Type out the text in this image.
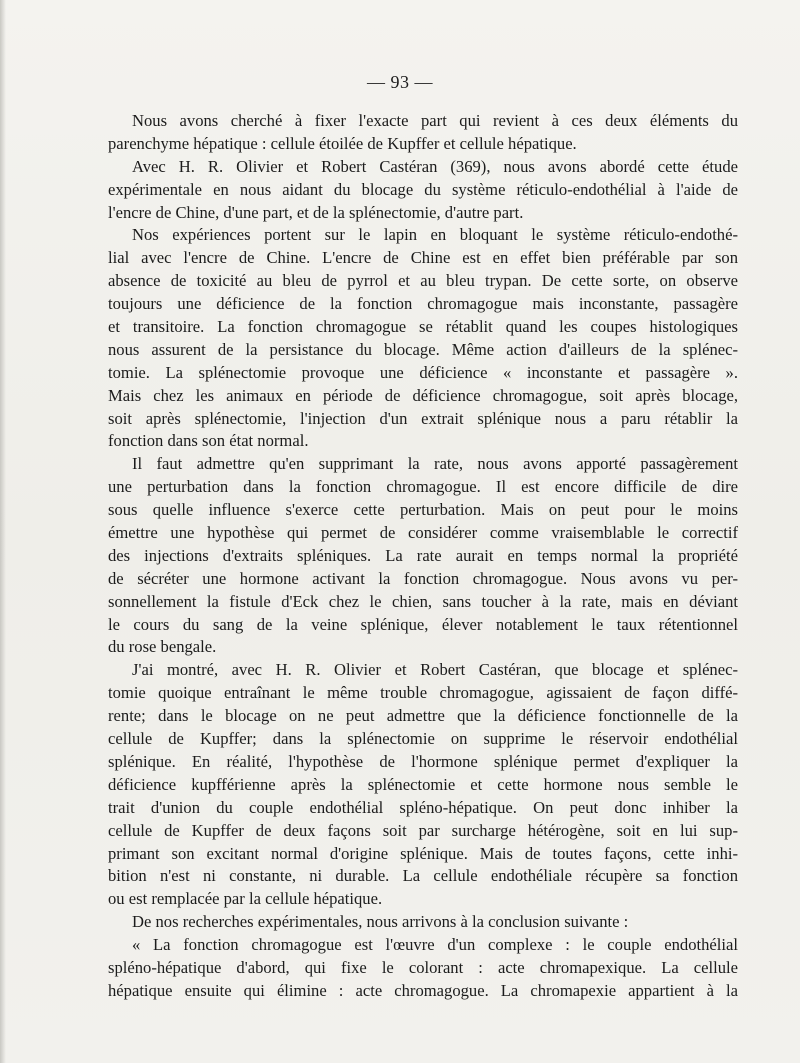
— 93 —
Nous avons cherché à fixer l'exacte part qui revient à ces deux éléments du
parenchyme hépatique : cellule étoilée de Kupffer et cellule hépatique.
Avec H. R. Olivier et Robert Castéran (369), nous avons abordé cette étude
expérimentale en nous aidant du blocage du système réticulo-endothélial à l'aide de
l'encre de Chine, d'une part, et de la splénectomie, d'autre part.
Nos expériences portent sur le lapin en bloquant le système réticulo-endothé-
lial avec l'encre de Chine. L'encre de Chine est en effet bien préférable par son
absence de toxicité au bleu de pyrrol et au bleu trypan. De cette sorte, on observe
toujours une déficience de la fonction chromagogue mais inconstante, passagère
et transitoire. La fonction chromagogue se rétablit quand les coupes histologiques
nous assurent de la persistance du blocage. Même action d'ailleurs de la splénec-
tomie. La splénectomie provoque une déficience « inconstante et passagère ».
Mais chez les animaux en période de déficience chromagogue, soit après blocage,
soit après splénectomie, l'injection d'un extrait splénique nous a paru rétablir la
fonction dans son état normal.
Il faut admettre qu'en supprimant la rate, nous avons apporté passagèrement
une perturbation dans la fonction chromagogue. Il est encore difficile de dire
sous quelle influence s'exerce cette perturbation. Mais on peut pour le moins
émettre une hypothèse qui permet de considérer comme vraisemblable le correctif
des injections d'extraits spléniques. La rate aurait en temps normal la propriété
de sécréter une hormone activant la fonction chromagogue. Nous avons vu per-
sonnellement la fistule d'Eck chez le chien, sans toucher à la rate, mais en déviant
le cours du sang de la veine splénique, élever notablement le taux rétentionnel
du rose bengale.
J'ai montré, avec H. R. Olivier et Robert Castéran, que blocage et splénec-
tomie quoique entraînant le même trouble chromagogue, agissaient de façon diffé-
rente; dans le blocage on ne peut admettre que la déficience fonctionnelle de la
cellule de Kupffer; dans la splénectomie on supprime le réservoir endothélial
splénique. En réalité, l'hypothèse de l'hormone splénique permet d'expliquer la
déficience kupfférienne après la splénectomie et cette hormone nous semble le
trait d'union du couple endothélial spléno-hépatique. On peut donc inhiber la
cellule de Kupffer de deux façons soit par surcharge hétérogène, soit en lui sup-
primant son excitant normal d'origine splénique. Mais de toutes façons, cette inhi-
bition n'est ni constante, ni durable. La cellule endothéliale récupère sa fonction
ou est remplacée par la cellule hépatique.
De nos recherches expérimentales, nous arrivons à la conclusion suivante :
« La fonction chromagogue est l'œuvre d'un complexe : le couple endothélial
spléno-hépatique d'abord, qui fixe le colorant : acte chromapexique. La cellule
hépatique ensuite qui élimine : acte chromagogue. La chromapexie appartient à la
